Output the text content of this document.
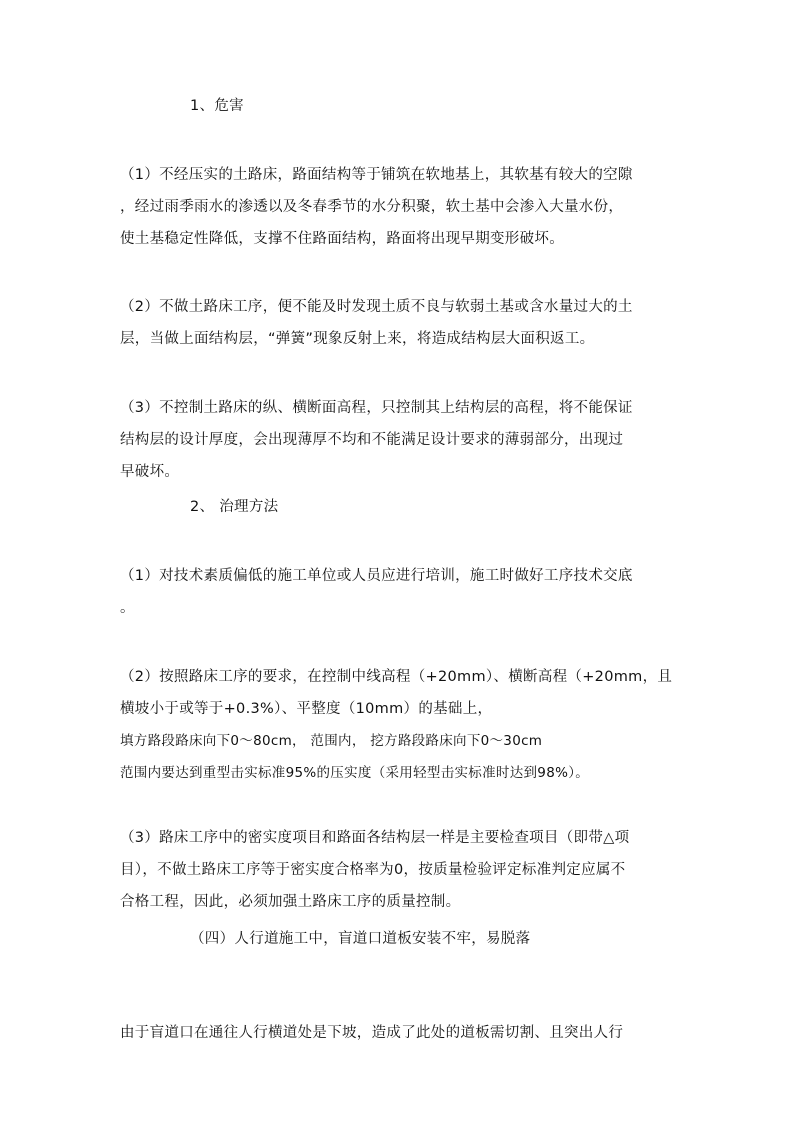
1、危害
（1）不经压实的土路床，路面结构等于铺筑在软地基上，其软基有较大的空隙
，经过雨季雨水的渗透以及冬春季节的水分积聚，软土基中会渗入大量水份，
使土基稳定性降低，支撑不住路面结构，路面将出现早期变形破坏。
（2）不做土路床工序，便不能及时发现土质不良与软弱土基或含水量过大的土
层，当做上面结构层，“弹簧”现象反射上来，将造成结构层大面积返工。
（3）不控制土路床的纵、横断面高程，只控制其上结构层的高程，将不能保证
结构层的设计厚度，会出现薄厚不均和不能满足设计要求的薄弱部分，出现过
早破坏。
2、 治理方法
（1）对技术素质偏低的施工单位或人员应进行培训，施工时做好工序技术交底
。
（2）按照路床工序的要求，在控制中线高程（+20mm）、横断高程（+20mm，且
横坡小于或等于+0.3%）、平整度（10mm）的基础上，
填方路段路床向下0～80cm， 范围内， 挖方路段路床向下0～30cm
范围内要达到重型击实标准95%的压实度（采用轻型击实标准时达到98%）。
（3）路床工序中的密实度项目和路面各结构层一样是主要检查项目（即带△项
目），不做土路床工序等于密实度合格率为0，按质量检验评定标准判定应属不
合格工程，因此，必须加强土路床工序的质量控制。
（四）人行道施工中，盲道口道板安装不牢，易脱落
由于盲道口在通往人行横道处是下坡，造成了此处的道板需切割、且突出人行
